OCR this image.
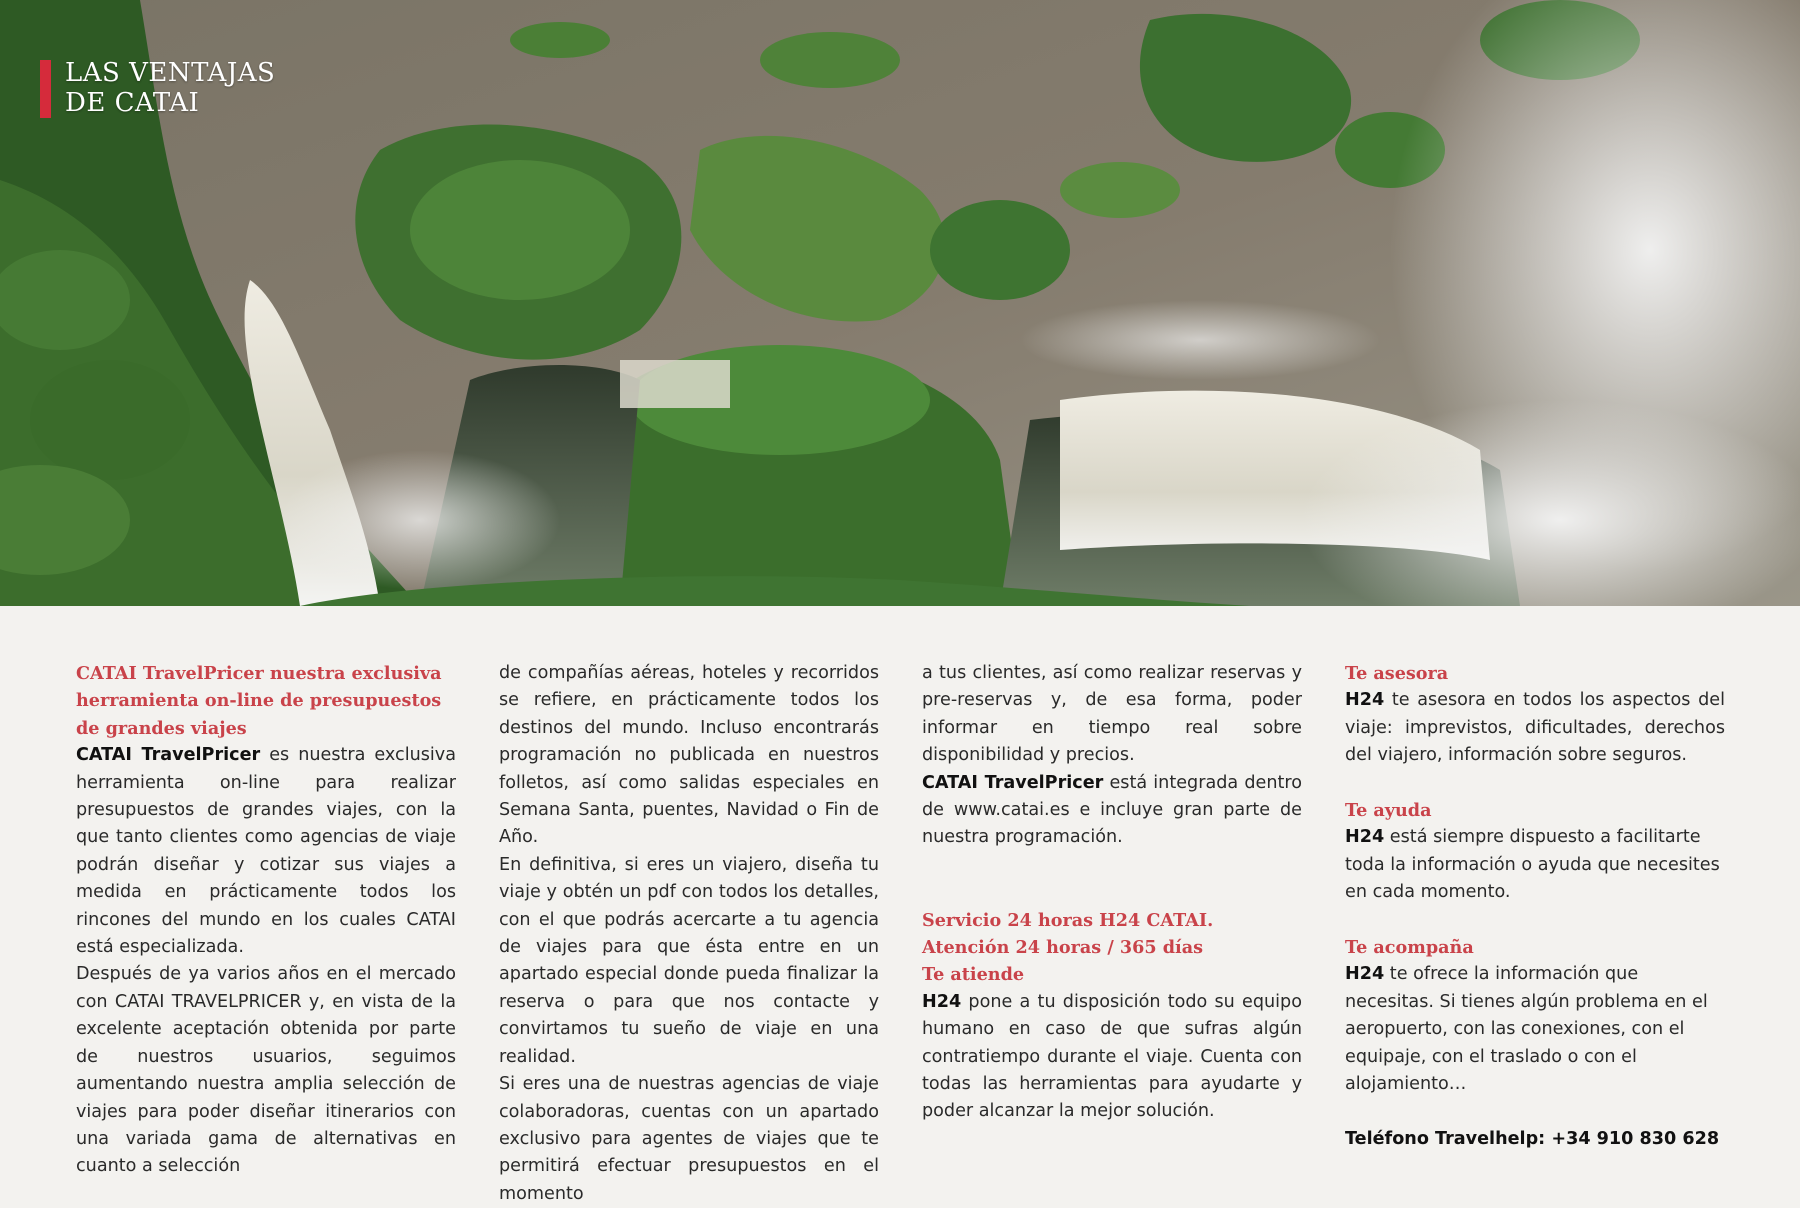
LAS VENTAJAS
DE CATAI

CATAI TravelPricer nuestra exclusiva herramienta on-line de presupuestos de grandes viajes

CATAI TravelPricer es nuestra exclusiva herramienta on-line para realizar presupuestos de grandes viajes, con la que tanto clientes como agencias de viaje podrán diseñar y cotizar sus viajes a medida en prácticamente todos los rincones del mundo en los cuales CATAI está especializada.

Después de ya varios años en el mercado con CATAI TRAVELPRICER y, en vista de la excelente aceptación obtenida por parte de nuestros usuarios, seguimos aumentando nuestra amplia selección de viajes para poder diseñar itinerarios con una variada gama de alternativas en cuanto a selección

de compañías aéreas, hoteles y recorridos se refiere, en prácticamente todos los destinos del mundo. Incluso encontrarás programación no publicada en nuestros folletos, así como salidas especiales en Semana Santa, puentes, Navidad o Fin de Año.

En definitiva, si eres un viajero, diseña tu viaje y obtén un pdf con todos los detalles, con el que podrás acercarte a tu agencia de viajes para que ésta entre en un apartado especial donde pueda finalizar la reserva o para que nos contacte y convirtamos tu sueño de viaje en una realidad.

Si eres una de nuestras agencias de viaje colaboradoras, cuentas con un apartado exclusivo para agentes de viajes que te permitirá efectuar presupuestos en el momento

a tus clientes, así como realizar reservas y pre-reservas y, de esa forma, poder informar en tiempo real sobre disponibilidad y precios.

CATAI TravelPricer está integrada dentro de www.catai.es e incluye gran parte de nuestra programación.

Servicio 24 horas H24 CATAI. Atención 24 horas / 365 días

Te atiende

H24 pone a tu disposición todo su equipo humano en caso de que sufras algún contratiempo durante el viaje. Cuenta con todas las herramientas para ayudarte y poder alcanzar la mejor solución.

Te asesora

H24 te asesora en todos los aspectos del viaje: imprevistos, dificultades, derechos del viajero, información sobre seguros.

Te ayuda

H24 está siempre dispuesto a facilitarte toda la información o ayuda que necesites en cada momento.

Te acompaña

H24 te ofrece la información que necesitas. Si tienes algún problema en el aeropuerto, con las conexiones, con el equipaje, con el traslado o con el alojamiento…

Teléfono Travelhelp: +34 910 830 628
